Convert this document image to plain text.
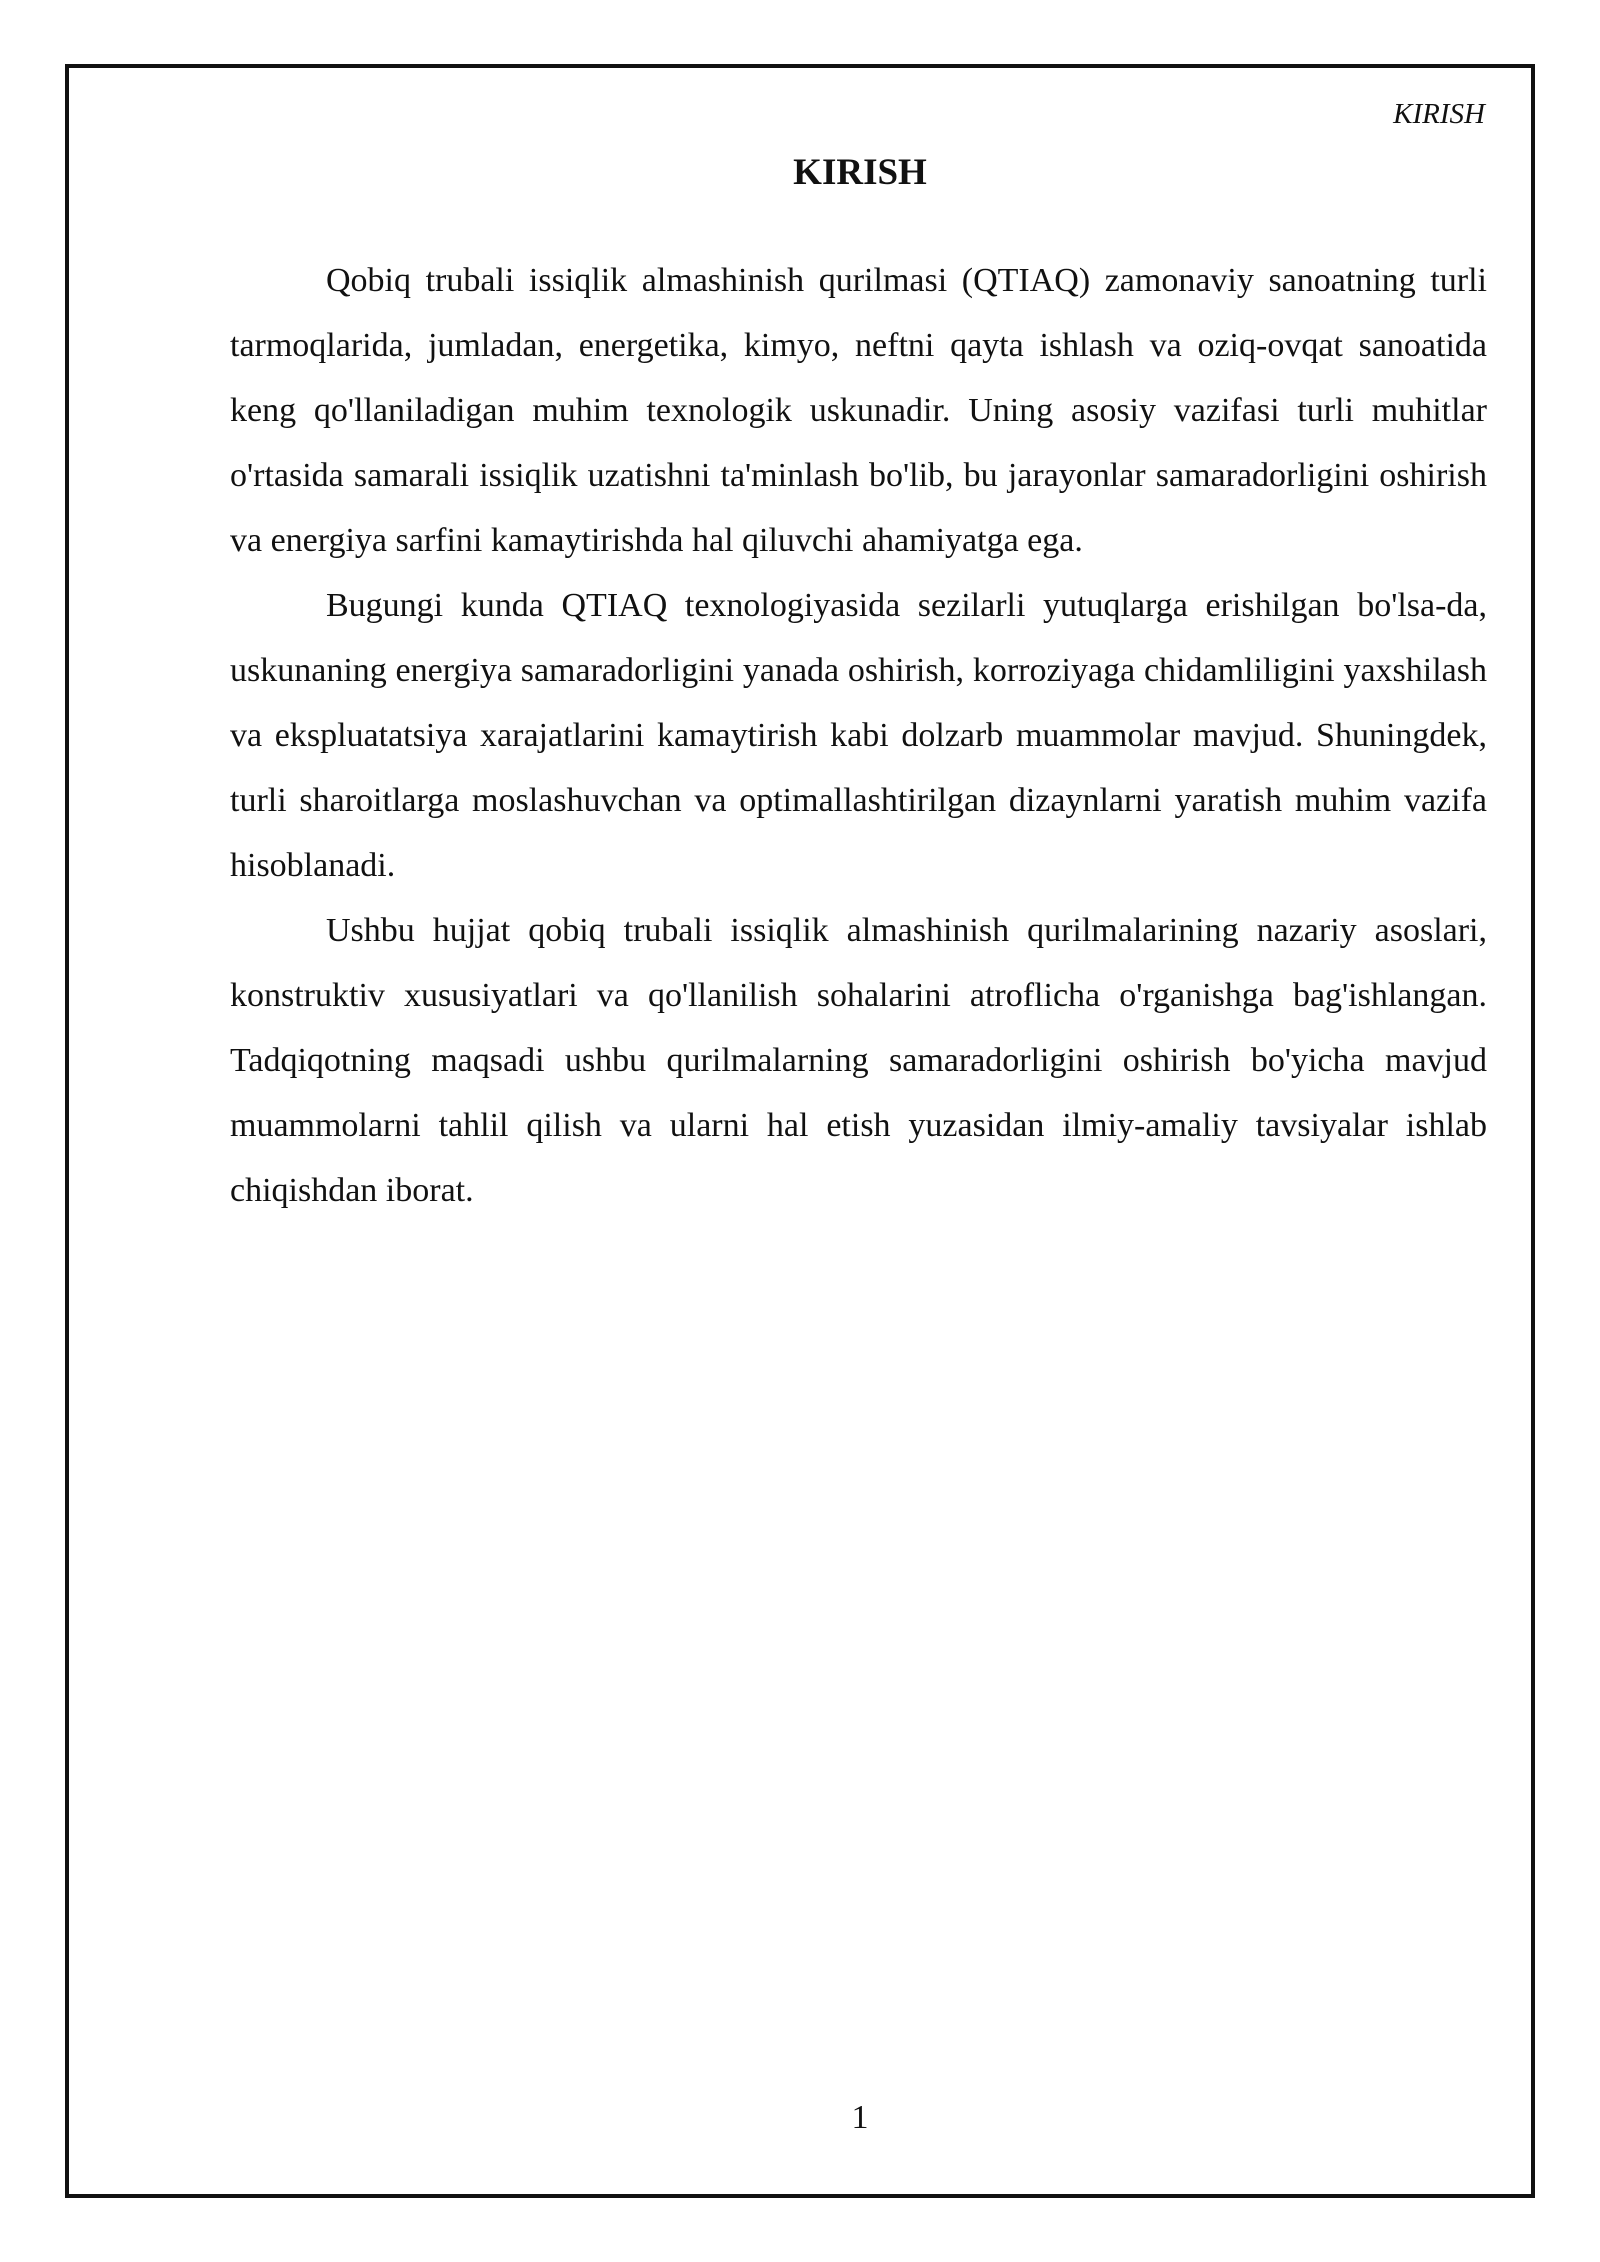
KIRISH

KIRISH

Qobiq trubali issiqlik almashinish qurilmasi (QTIAQ) zamonaviy sanoatning turli tarmoqlarida, jumladan, energetika, kimyo, neftni qayta ishlash va oziq-ovqat sanoatida keng qo'llaniladigan muhim texnologik uskunadir. Uning asosiy vazifasi turli muhitlar o'rtasida samarali issiqlik uzatishni ta'minlash bo'lib, bu jarayonlar samaradorligini oshirish va energiya sarfini kamaytirishda hal qiluvchi ahamiyatga ega.

Bugungi kunda QTIAQ texnologiyasida sezilarli yutuqlarga erishilgan bo'lsa-da, uskunaning energiya samaradorligini yanada oshirish, korroziyaga chidamliligini yaxshilash va ekspluatatsiya xarajatlarini kamaytirish kabi dolzarb muammolar mavjud. Shuningdek, turli sharoitlarga moslashuvchan va optimallashtirilgan dizaynlarni yaratish muhim vazifa hisoblanadi.

Ushbu hujjat qobiq trubali issiqlik almashinish qurilmalarining nazariy asoslari, konstruktiv xususiyatlari va qo'llanilish sohalarini atroflicha o'rganishga bag'ishlangan. Tadqiqotning maqsadi ushbu qurilmalarning samaradorligini oshirish bo'yicha mavjud muammolarni tahlil qilish va ularni hal etish yuzasidan ilmiy-amaliy tavsiyalar ishlab chiqishdan iborat.

1
